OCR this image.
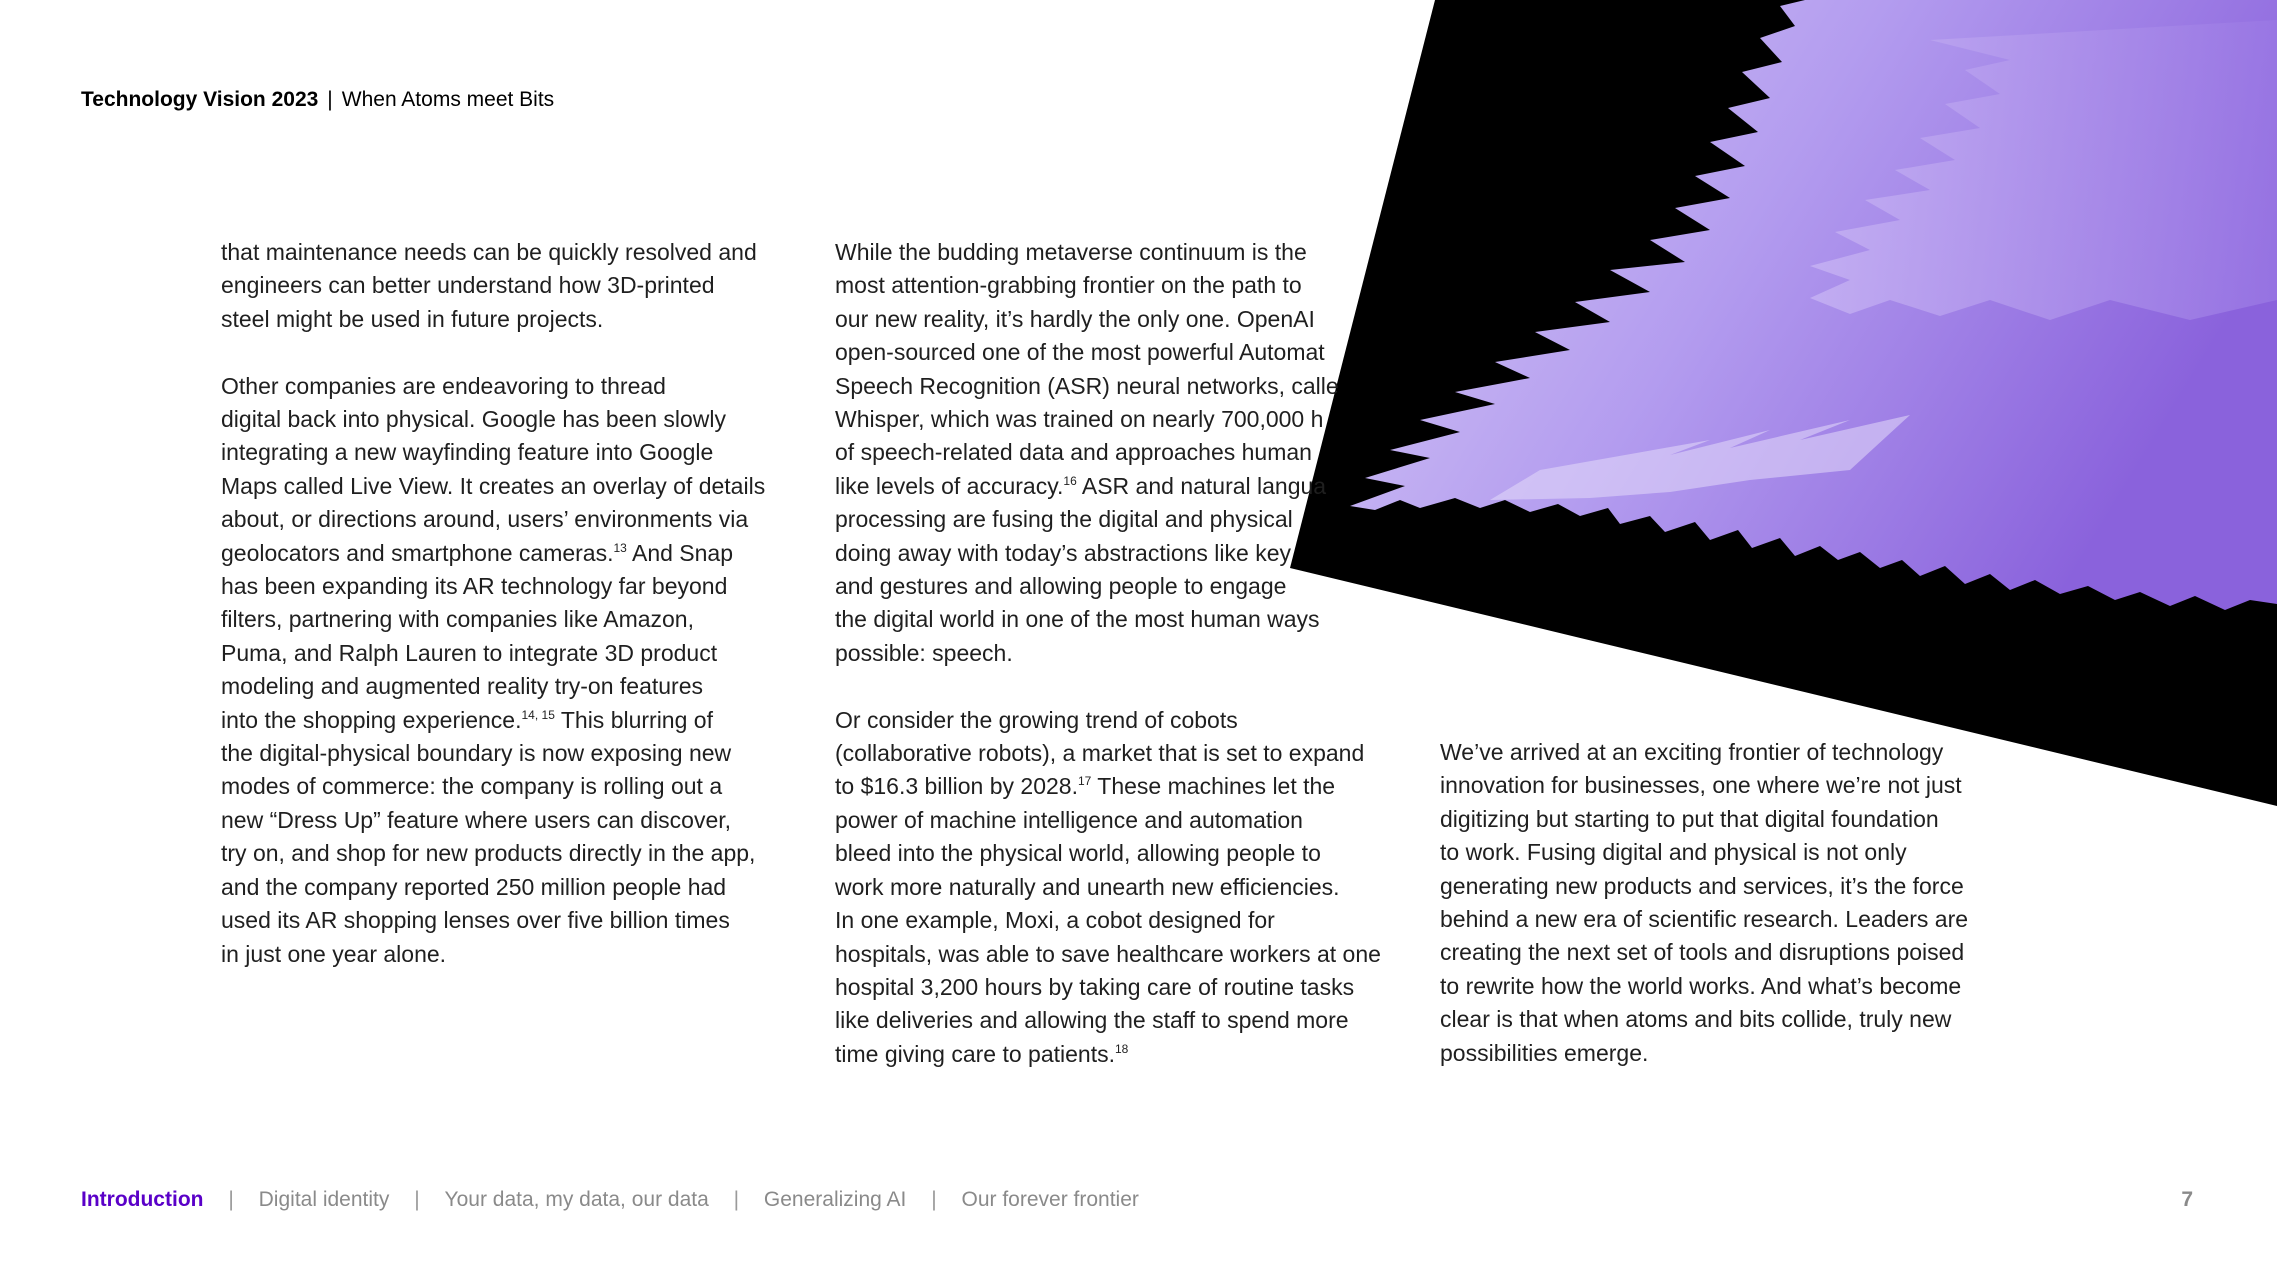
Technology Vision 2023 | When Atoms meet Bits

that maintenance needs can be quickly resolved and
engineers can better understand how 3D-printed
steel might be used in future projects.

Other companies are endeavoring to thread
digital back into physical. Google has been slowly
integrating a new wayfinding feature into Google
Maps called Live View. It creates an overlay of details
about, or directions around, users’ environments via
geolocators and smartphone cameras.$^{13}$ And Snap
has been expanding its AR technology far beyond
filters, partnering with companies like Amazon,
Puma, and Ralph Lauren to integrate 3D product
modeling and augmented reality try-on features
into the shopping experience.$^{14, 15}$ This blurring of
the digital-physical boundary is now exposing new
modes of commerce: the company is rolling out a
new “Dress Up” feature where users can discover,
try on, and shop for new products directly in the app,
and the company reported 250 million people had
used its AR shopping lenses over five billion times
in just one year alone.

While the budding metaverse continuum is the
most attention-grabbing frontier on the path to
our new reality, it’s hardly the only one. OpenAI
open-sourced one of the most powerful Automat
Speech Recognition (ASR) neural networks, calle
Whisper, which was trained on nearly 700,000 h
of speech-related data and approaches human
like levels of accuracy.$^{16}$ ASR and natural langua
processing are fusing the digital and physical
doing away with today’s abstractions like key
and gestures and allowing people to engage
the digital world in one of the most human ways
possible: speech.

Or consider the growing trend of cobots
(collaborative robots), a market that is set to expand
to $16.3 billion by 2028.17 These machines let the
power of machine intelligence and automation
bleed into the physical world, allowing people to
work more naturally and unearth new efficiencies.
In one example, Moxi, a cobot designed for
hospitals, was able to save healthcare workers at one
hospital 3,200 hours by taking care of routine tasks
like deliveries and allowing the staff to spend more
time giving care to patients.$^{18}$

We’ve arrived at an exciting frontier of technology
innovation for businesses, one where we’re not just
digitizing but starting to put that digital foundation
to work. Fusing digital and physical is not only
generating new products and services, it’s the force
behind a new era of scientific research. Leaders are
creating the next set of tools and disruptions poised
to rewrite how the world works. And what’s become
clear is that when atoms and bits collide, truly new
possibilities emerge.

Introduction | Digital identity | Your data, my data, our data | Generalizing AI | Our forever frontier	7
